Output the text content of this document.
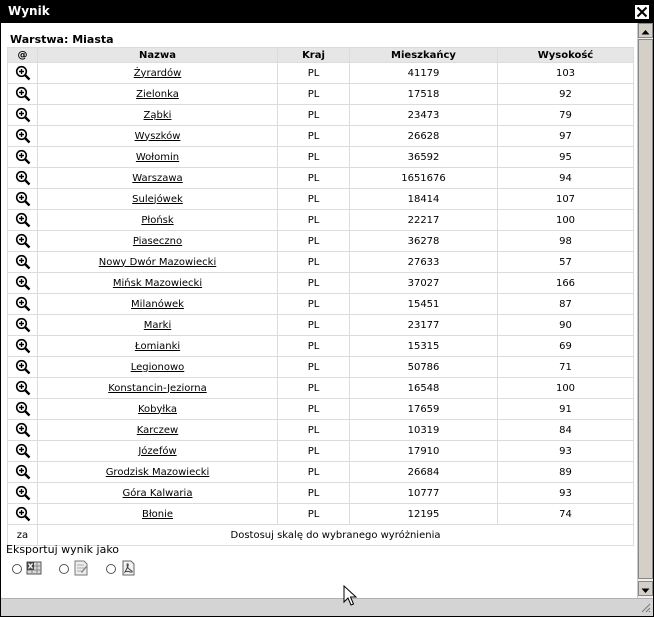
Wynik
Warstwa: Miasta
@	Nazwa	Kraj	Mieszkańcy	Wysokość
	Żyrardów	PL	41179	103
	Zielonka	PL	17518	92
	Ząbki	PL	23473	79
	Wyszków	PL	26628	97
	Wołomin	PL	36592	95
	Warszawa	PL	1651676	94
	Sulejówek	PL	18414	107
	Płońsk	PL	22217	100
	Piaseczno	PL	36278	98
	Nowy Dwór Mazowiecki	PL	27633	57
	Mińsk Mazowiecki	PL	37027	166
	Milanówek	PL	15451	87
	Marki	PL	23177	90
	Łomianki	PL	15315	69
	Legionowo	PL	50786	71
	Konstancin-Jeziorna	PL	16548	100
	Kobyłka	PL	17659	91
	Karczew	PL	10319	84
	Józefów	PL	17910	93
	Grodzisk Mazowiecki	PL	26684	89
	Góra Kalwaria	PL	10777	93
	Błonie	PL	12195	74
za	Dostosuj skalę do wybranego wyróżnienia			
Eksportuj wynik jako
